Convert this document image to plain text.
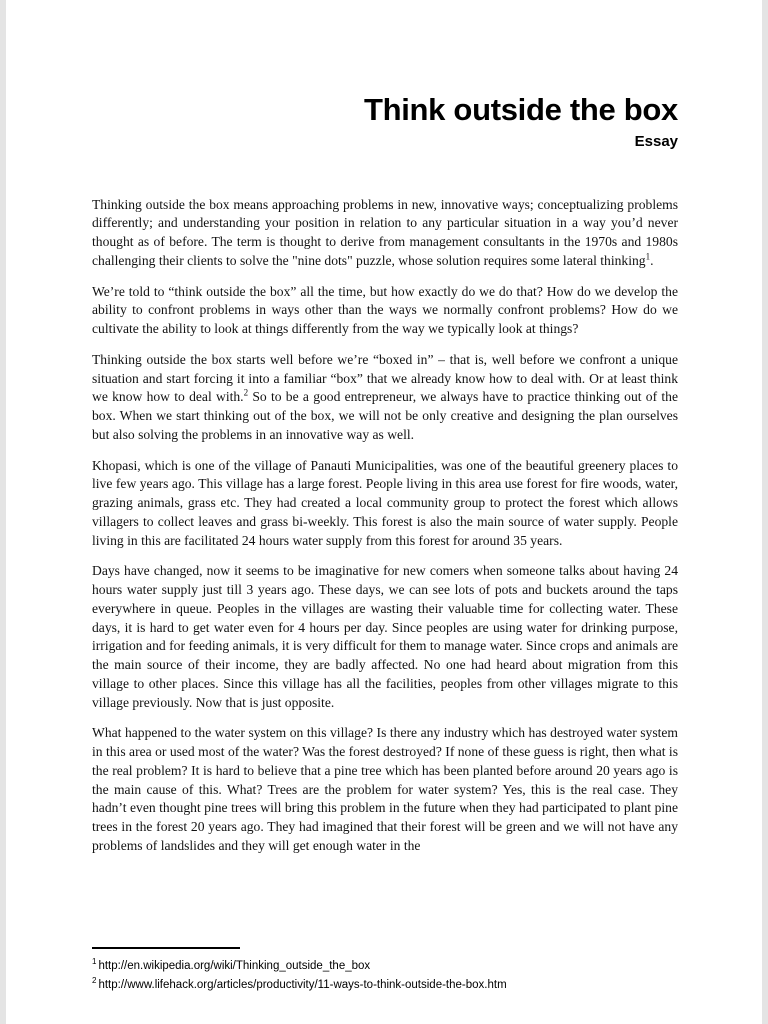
Think outside the box
Essay

Thinking outside the box means approaching problems in new, innovative ways; conceptualizing problems differently; and understanding your position in relation to any particular situation in a way you’d never thought as of before. The term is thought to derive from management consultants in the 1970s and 1980s challenging their clients to solve the "nine dots" puzzle, whose solution requires some lateral thinking$^1$.

We’re told to “think outside the box” all the time, but how exactly do we do that? How do we develop the ability to confront problems in ways other than the ways we normally confront problems? How do we cultivate the ability to look at things differently from the way we typically look at things?

Thinking outside the box starts well before we’re “boxed in” – that is, well before we confront a unique situation and start forcing it into a familiar “box” that we already know how to deal with. Or at least think we know how to deal with.$^2$ So to be a good entrepreneur, we always have to practice thinking out of the box. When we start thinking out of the box, we will not be only creative and designing the plan ourselves but also solving the problems in an innovative way as well.

Khopasi, which is one of the village of Panauti Municipalities, was one of the beautiful greenery places to live few years ago. This village has a large forest. People living in this area use forest for fire woods, water, grazing animals, grass etc. They had created a local community group to protect the forest which allows villagers to collect leaves and grass bi-weekly. This forest is also the main source of water supply. People living in this are facilitated 24 hours water supply from this forest for around 35 years.

Days have changed, now it seems to be imaginative for new comers when someone talks about having 24 hours water supply just till 3 years ago. These days, we can see lots of pots and buckets around the taps everywhere in queue. Peoples in the villages are wasting their valuable time for collecting water. These days, it is hard to get water even for 4 hours per day. Since peoples are using water for drinking purpose, irrigation and for feeding animals, it is very difficult for them to manage water. Since crops and animals are the main source of their income, they are badly affected. No one had heard about migration from this village to other places. Since this village has all the facilities, peoples from other villages migrate to this village previously. Now that is just opposite.

What happened to the water system on this village? Is there any industry which has destroyed water system in this area or used most of the water? Was the forest destroyed? If none of these guess is right, then what is the real problem? It is hard to believe that a pine tree which has been planted before around 20 years ago is the main cause of this. What? Trees are the problem for water system? Yes, this is the real case. They hadn’t even thought pine trees will bring this problem in the future when they had participated to plant pine trees in the forest 20 years ago. They had imagined that their forest will be green and we will not have any problems of landslides and they will get enough water in the

$^1$ http://en.wikipedia.org/wiki/Thinking_outside_the_box
$^2$ http://www.lifehack.org/articles/productivity/11-ways-to-think-outside-the-box.htm
